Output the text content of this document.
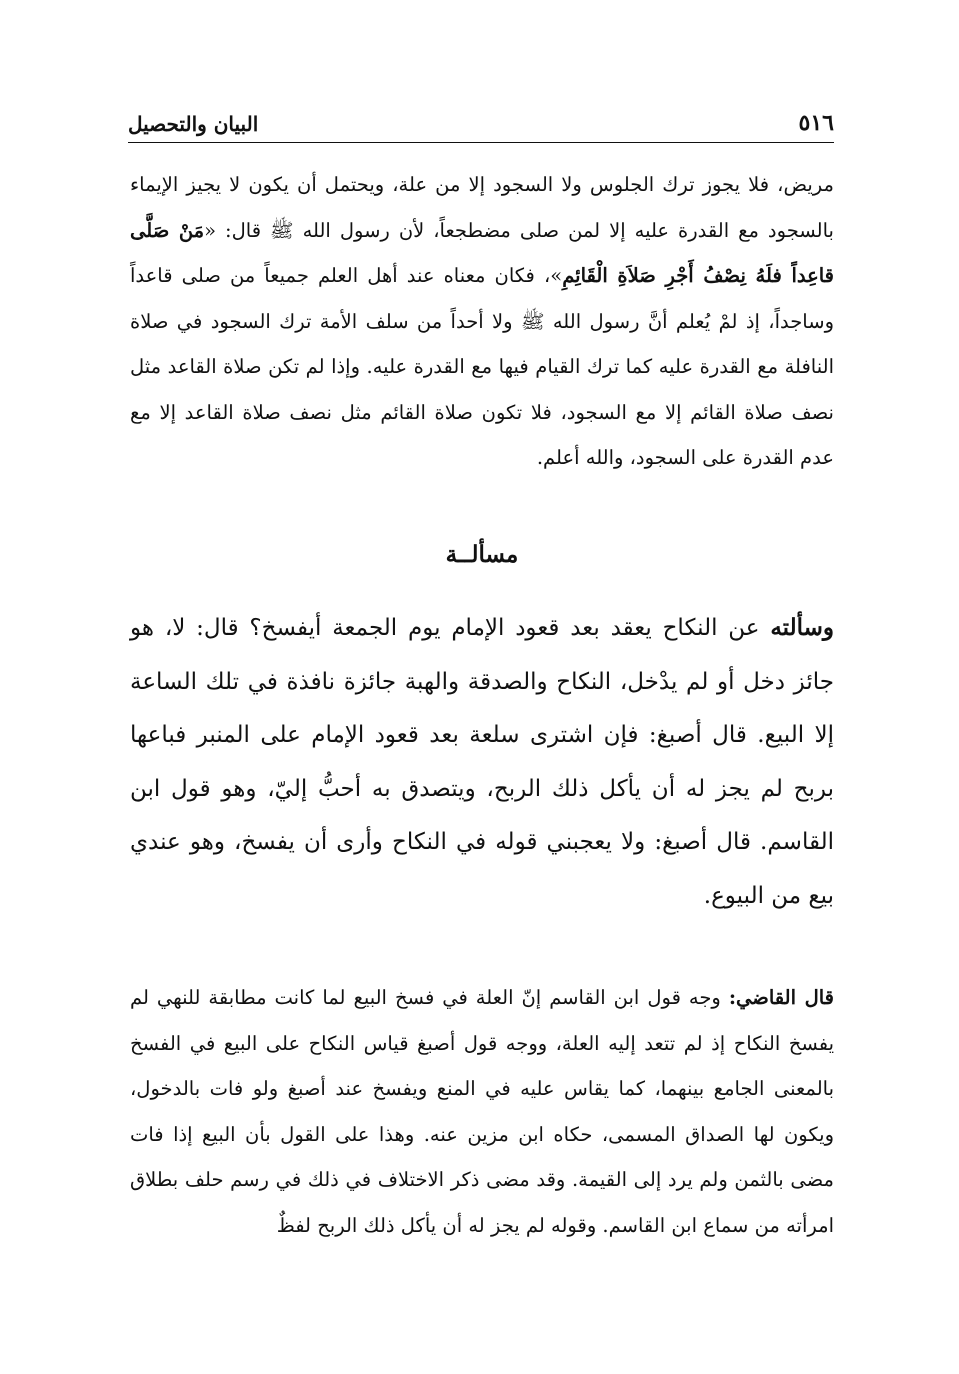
٥١٦
البيان والتحصيل

مريض، فلا يجوز ترك الجلوس ولا السجود إلا من علة، ويحتمل أن يكون لا يجيز الإيماء بالسجود مع القدرة عليه إلا لمن صلى مضطجعاً، لأن رسول الله ﷺ قال: «مَنْ صَلَّى قاعِداً فلَهُ نِصْفُ أَجْرِ صَلاَةِ الْقَائِمِ»، فكان معناه عند أهل العلم جميعاً من صلى قاعداً وساجداً، إذ لمْ يُعلم أنَّ رسول الله ﷺ ولا أحداً من سلف الأمة ترك السجود في صلاة النافلة مع القدرة عليه كما ترك القيام فيها مع القدرة عليه. وإذا لم تكن صلاة القاعد مثل نصف صلاة القائم إلا مع السجود، فلا تكون صلاة القائم مثل نصف صلاة القاعد إلا مع عدم القدرة على السجود، والله أعلم.

مسألــة

وسألته عن النكاح يعقد بعد قعود الإمام يوم الجمعة أيفسخ؟ قال: لا، هو جائز دخل أو لم يدْخل، النكاح والصدقة والهبة جائزة نافذة في تلك الساعة إلا البيع. قال أصبغ: فإن اشترى سلعة بعد قعود الإمام على المنبر فباعها بربح لم يجز له أن يأكل ذلك الربح، ويتصدق به أحبُّ إليّ، وهو قول ابن القاسم. قال أصبغ: ولا يعجبني قوله في النكاح وأرى أن يفسخ، وهو عندي بيع من البيوع.

قال القاضي: وجه قول ابن القاسم إنّ العلة في فسخ البيع لما كانت مطابقة للنهي لم يفسخ النكاح إذ لم تتعد إليه العلة، ووجه قول أصبغ قياس النكاح على البيع في الفسخ بالمعنى الجامع بينهما، كما يقاس عليه في المنع ويفسخ عند أصبغ ولو فات بالدخول، ويكون لها الصداق المسمى، حكاه ابن مزين عنه. وهذا على القول بأن البيع إذا فات مضى بالثمن ولم يرد إلى القيمة. وقد مضى ذكر الاختلاف في ذلك في رسم حلف بطلاق امرأته من سماع ابن القاسم. وقوله لم يجز له أن يأكل ذلك الربح لفظٌ
